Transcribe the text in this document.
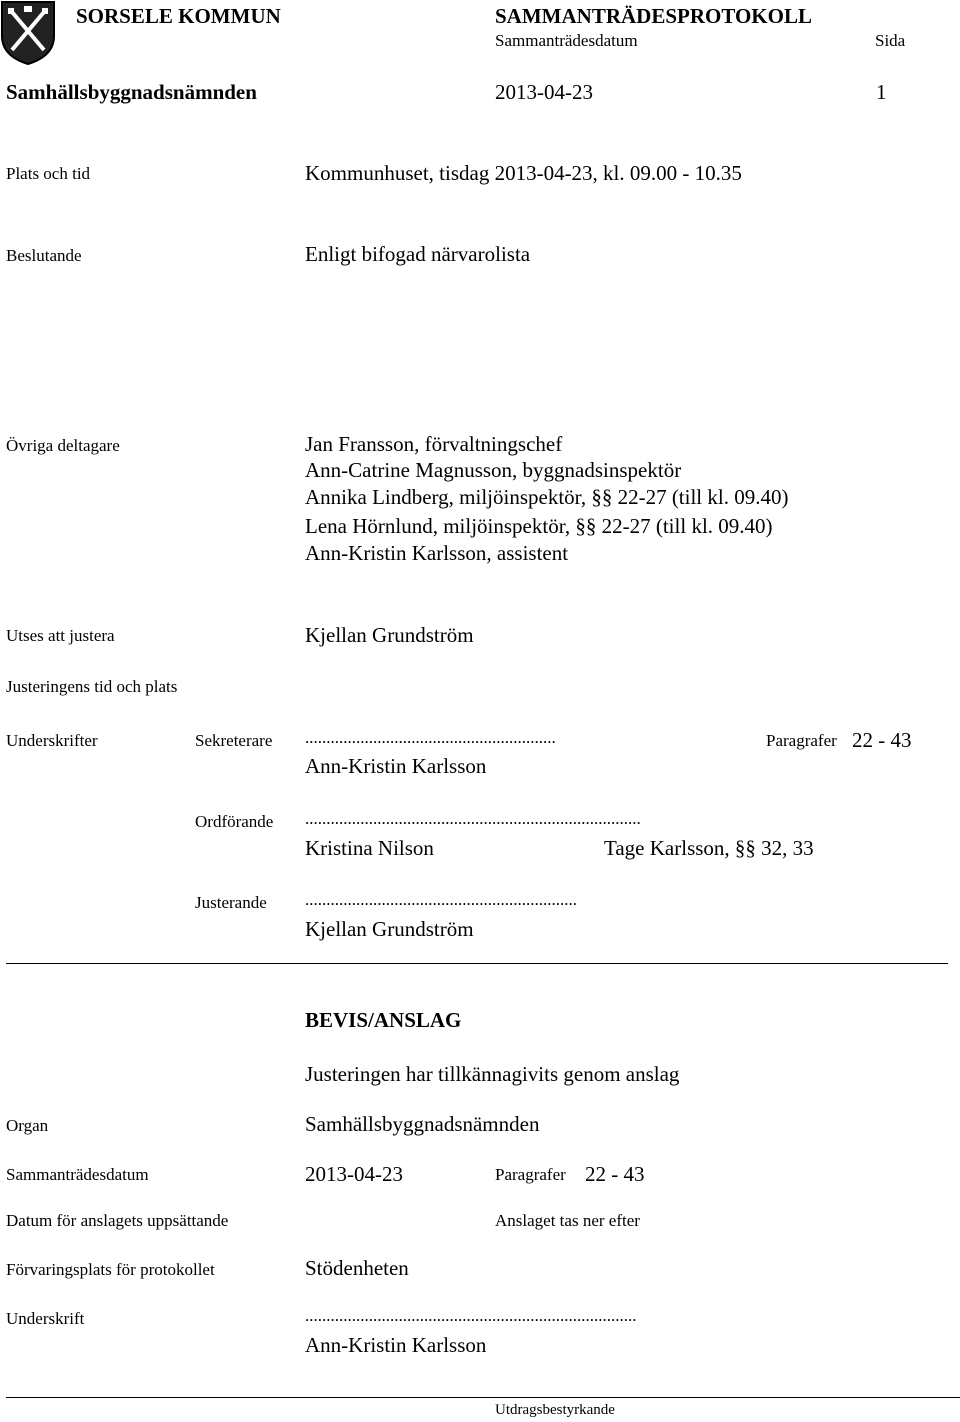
SORSELE KOMMUN	SAMMANTRÄDESPROTOKOLL
Sammanträdesdatum	Sida
Samhällsbyggnadsnämnden	2013-04-23	1
Plats och tid	Kommunhuset, tisdag 2013-04-23, kl. 09.00 - 10.35
Beslutande	Enligt bifogad närvarolista
Övriga deltagare	Jan Fransson, förvaltningschef
Ann-Catrine Magnusson, byggnadsinspektör
Annika Lindberg, miljöinspektör, §§ 22-27 (till kl. 09.40)
Lena Hörnlund, miljöinspektör, §§ 22-27 (till kl. 09.40)
Ann-Kristin Karlsson, assistent
Utses att justera	Kjellan Grundström
Justeringens tid och plats
Underskrifter	Sekreterare ...........................................................	Paragrafer 22 - 43
Ann-Kristin Karlsson
Ordförande ...............................................................................
Kristina Nilson	Tage Karlsson, §§ 32, 33
Justerande ................................................................
Kjellan Grundström
BEVIS/ANSLAG
Justeringen har tillkännagivits genom anslag
Organ	Samhällsbyggnadsnämnden
Sammanträdesdatum	2013-04-23	Paragrafer 22 - 43
Datum för anslagets uppsättande	Anslaget tas ner efter
Förvaringsplats för protokollet	Stödenheten
Underskrift	..............................................................................
Ann-Kristin Karlsson
Utdragsbestyrkande
